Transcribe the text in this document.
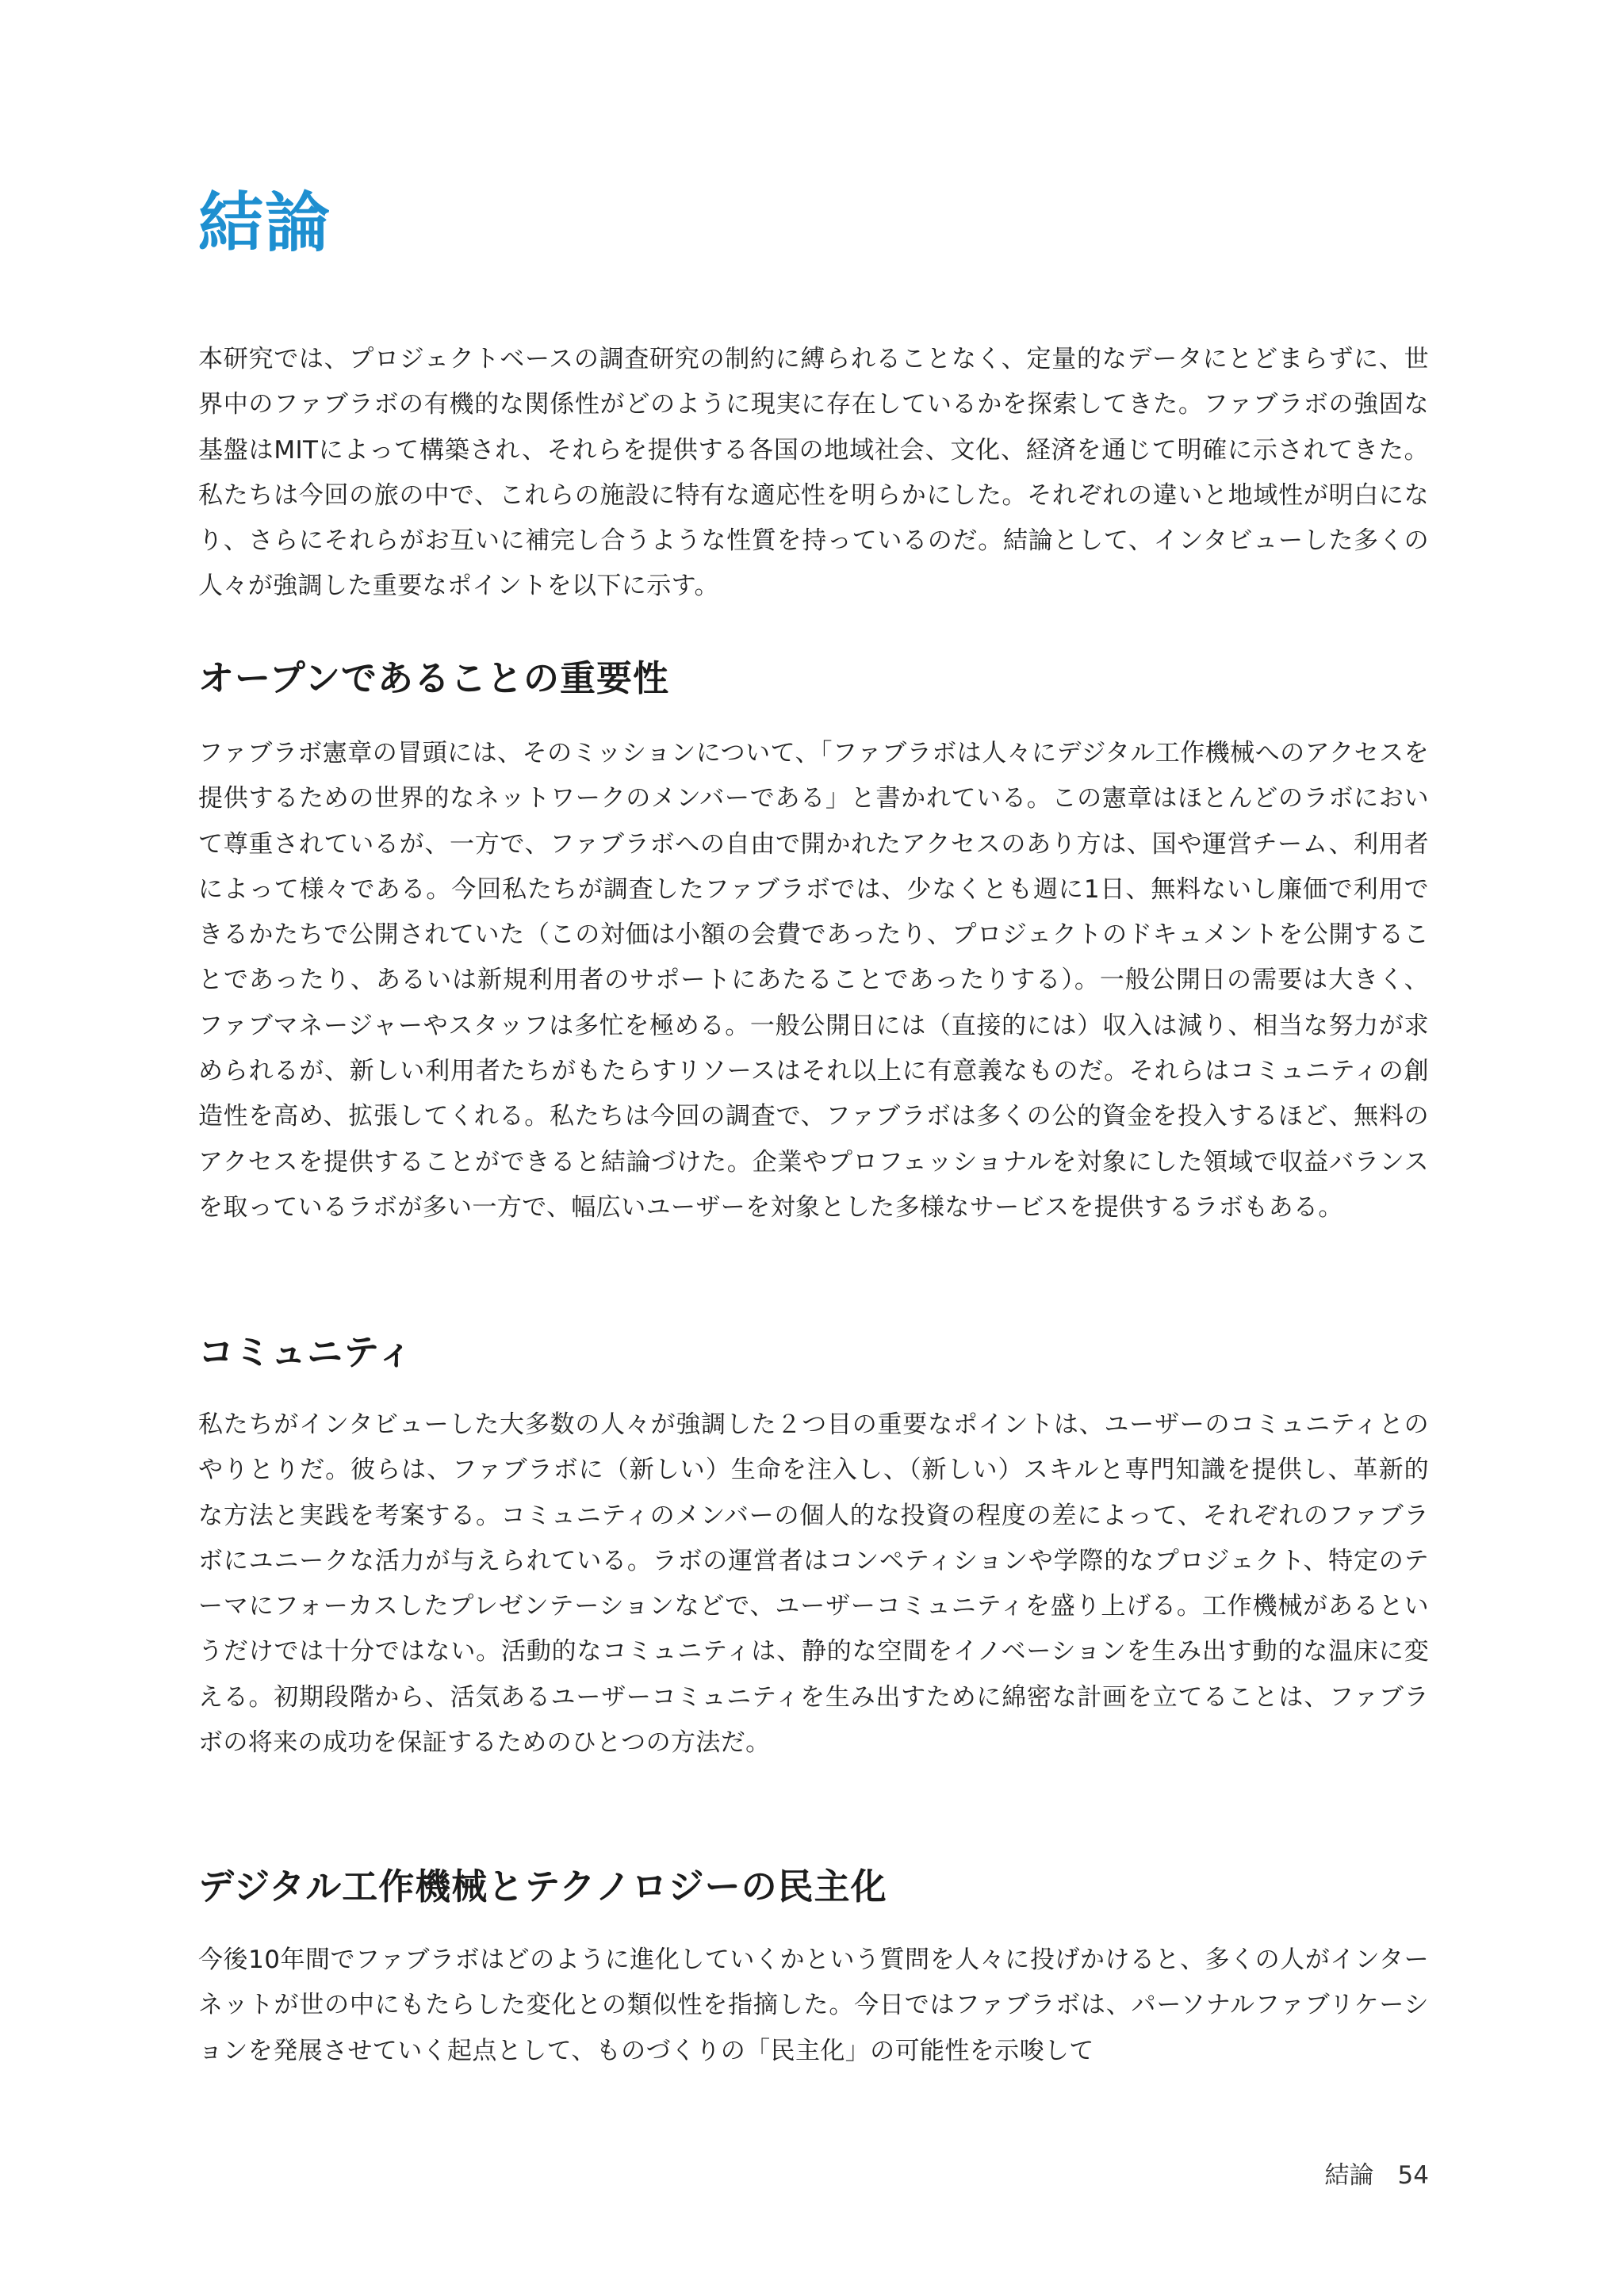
結論

本研究では、プロジェクトベースの調査研究の制約に縛られることなく、定量的なデータにとどまらずに、世界中のファブラボの有機的な関係性がどのように現実に存在しているかを探索してきた。ファブラボの強固な基盤はMITによって構築され、それらを提供する各国の地域社会、文化、経済を通じて明確に示されてきた。私たちは今回の旅の中で、これらの施設に特有な適応性を明らかにした。それぞれの違いと地域性が明白になり、さらにそれらがお互いに補完し合うような性質を持っているのだ。結論として、インタビューした多くの人々が強調した重要なポイントを以下に示す。

オープンであることの重要性

ファブラボ憲章の冒頭には、そのミッションについて、「ファブラボは人々にデジタル工作機械へのアクセスを提供するための世界的なネットワークのメンバーである」と書かれている。この憲章はほとんどのラボにおいて尊重されているが、一方で、ファブラボへの自由で開かれたアクセスのあり方は、国や運営チーム、利用者によって様々である。今回私たちが調査したファブラボでは、少なくとも週に1日、無料ないし廉価で利用できるかたちで公開されていた（この対価は小額の会費であったり、プロジェクトのドキュメントを公開することであったり、あるいは新規利用者のサポートにあたることであったりする）。一般公開日の需要は大きく、ファブマネージャーやスタッフは多忙を極める。一般公開日には（直接的には）収入は減り、相当な努力が求められるが、新しい利用者たちがもたらすリソースはそれ以上に有意義なものだ。それらはコミュニティの創造性を高め、拡張してくれる。私たちは今回の調査で、ファブラボは多くの公的資金を投入するほど、無料のアクセスを提供することができると結論づけた。企業やプロフェッショナルを対象にした領域で収益バランスを取っているラボが多い一方で、幅広いユーザーを対象とした多様なサービスを提供するラボもある。

コミュニティ

私たちがインタビューした大多数の人々が強調した２つ目の重要なポイントは、ユーザーのコミュニティとのやりとりだ。彼らは、ファブラボに（新しい）生命を注入し、（新しい）スキルと専門知識を提供し、革新的な方法と実践を考案する。コミュニティのメンバーの個人的な投資の程度の差によって、それぞれのファブラボにユニークな活力が与えられている。ラボの運営者はコンペティションや学際的なプロジェクト、特定のテーマにフォーカスしたプレゼンテーションなどで、ユーザーコミュニティを盛り上げる。工作機械があるというだけでは十分ではない。活動的なコミュニティは、静的な空間をイノベーションを生み出す動的な温床に変える。初期段階から、活気あるユーザーコミュニティを生み出すために綿密な計画を立てることは、ファブラボの将来の成功を保証するためのひとつの方法だ。

デジタル工作機械とテクノロジーの民主化

今後10年間でファブラボはどのように進化していくかという質問を人々に投げかけると、多くの人がインターネットが世の中にもたらした変化との類似性を指摘した。今日ではファブラボは、パーソナルファブリケーションを発展させていく起点として、ものづくりの「民主化」の可能性を示唆して

結論 54
